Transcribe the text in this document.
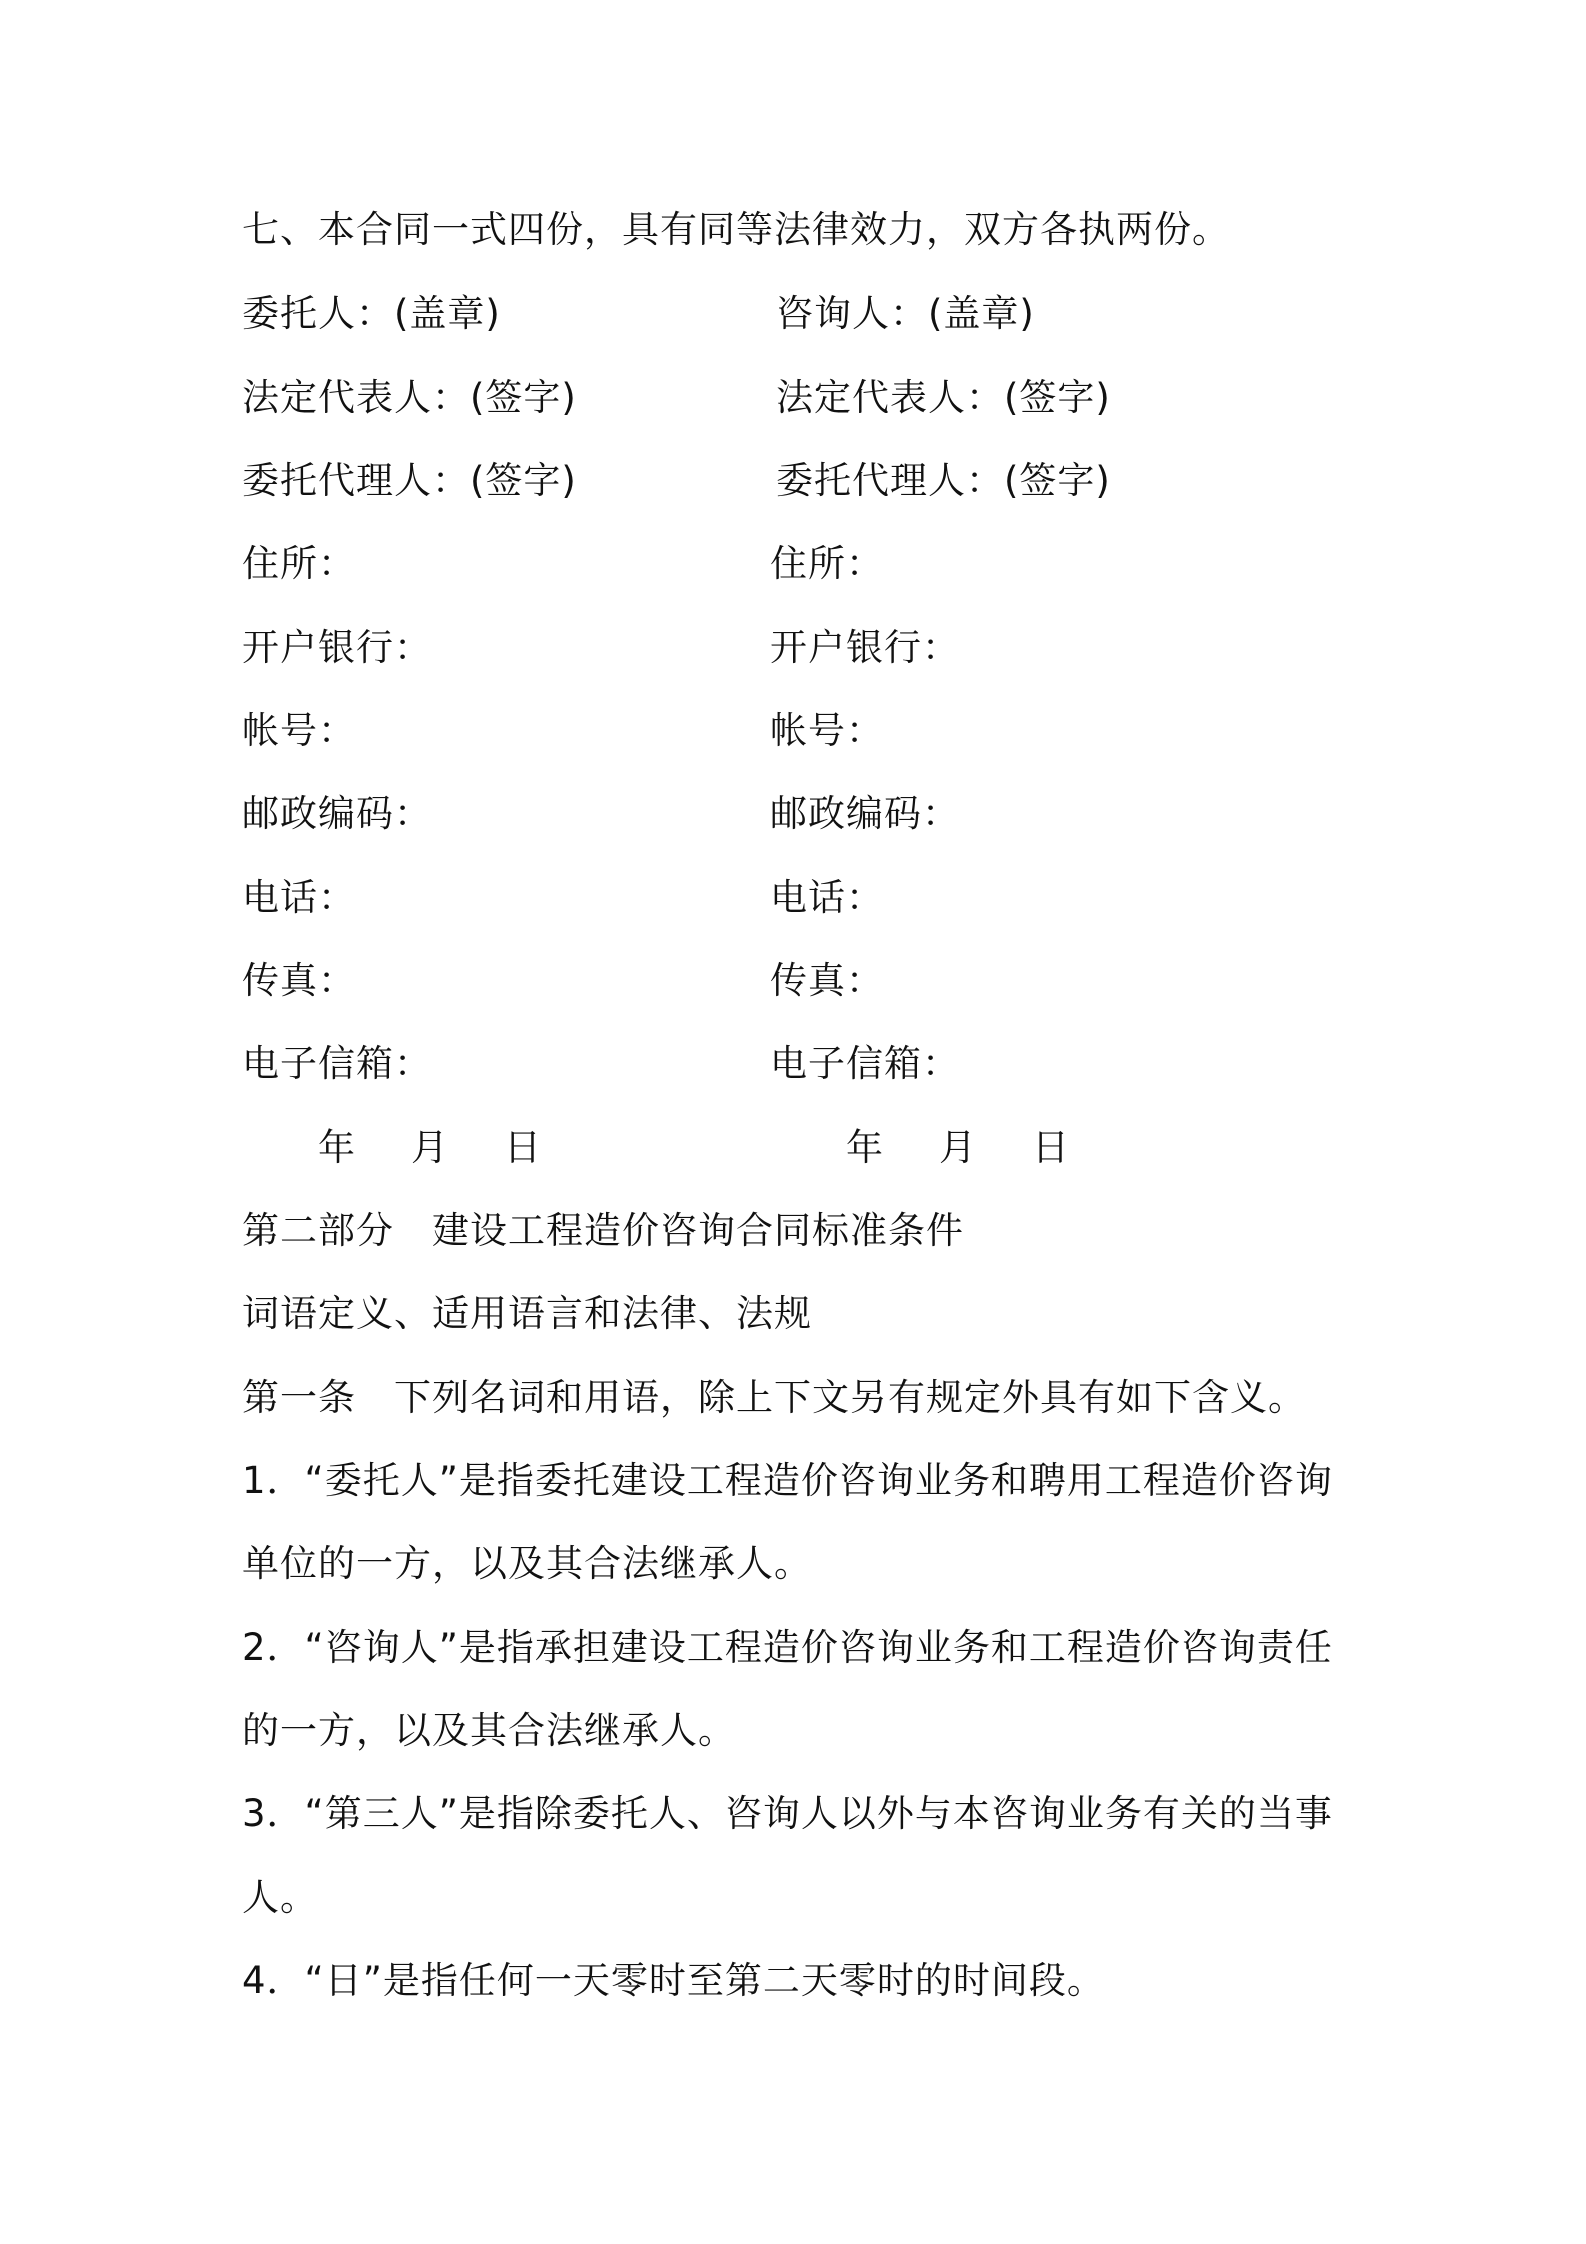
七、本合同一式四份，具有同等法律效力，双方各执两份。
委托人：(盖章)	咨询人：(盖章)
法定代表人：(签字)	法定代表人：(签字)
委托代理人：(签字)	委托代理人：(签字)
住所：	住所：
开户银行：	开户银行：
帐号：	帐号：
邮政编码：	邮政编码：
电话：	电话：
传真：	传真：
电子信箱：	电子信箱：
年 月 日	年 月 日
第二部分　建设工程造价咨询合同标准条件
词语定义、适用语言和法律、法规
第一条　下列名词和用语，除上下文另有规定外具有如下含义。
1．“委托人”是指委托建设工程造价咨询业务和聘用工程造价咨询
单位的一方，以及其合法继承人。
2．“咨询人”是指承担建设工程造价咨询业务和工程造价咨询责任
的一方，以及其合法继承人。
3．“第三人”是指除委托人、咨询人以外与本咨询业务有关的当事
人。
4．“日”是指任何一天零时至第二天零时的时间段。
